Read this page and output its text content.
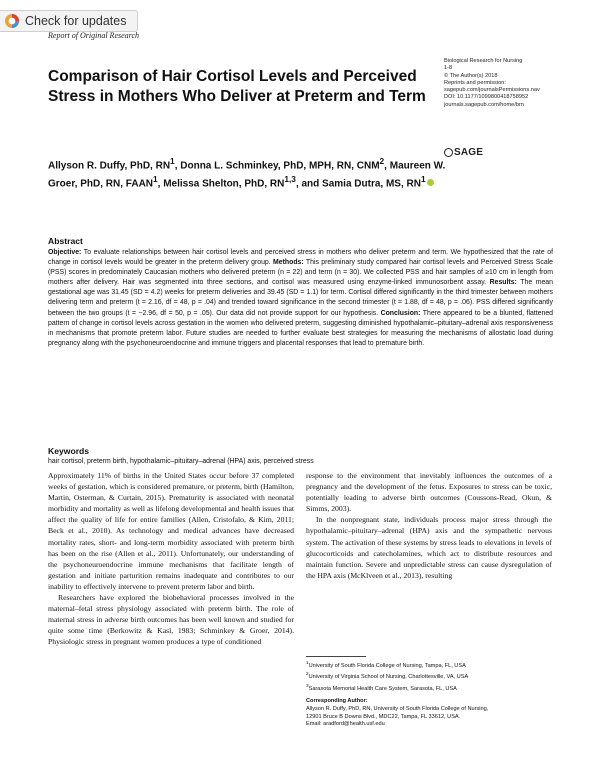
Check for updates
Report of Original Research
Biological Research for Nursing
1-8
© The Author(s) 2018
Reprints and permission:
sagepub.com/journalsPermissions.nav
DOI: 10.1177/1099800418758952
journals.sagepub.com/home/brn
SAGE
Comparison of Hair Cortisol Levels and Perceived Stress in Mothers Who Deliver at Preterm and Term
Allyson R. Duffy, PhD, $RN^1$, Donna L. Schminkey, PhD, MPH, RN, CNM$^2$, Maureen W. Groer, PhD, RN, FAAN$^1$, Melissa Shelton, PhD, RN$^{1,3}$, and Samia Dutra, MS, $RN^1$
Abstract

Objective: To evaluate relationships between hair cortisol levels and perceived stress in mothers who deliver preterm and term. We hypothesized that the rate of change in cortisol levels would be greater in the preterm delivery group. Methods: This preliminary study compared hair cortisol levels and Perceived Stress Scale (PSS) scores in predominately Caucasian mothers who delivered preterm (n = 22) and term (n = 30). We collected PSS and hair samples of ≥10 cm in length from mothers after delivery. Hair was segmented into three sections, and cortisol was measured using enzyme-linked immunosorbent assay. Results: The mean gestational age was 31.45 (SD = 4.2) weeks for preterm deliveries and 39.45 (SD = 1.1) for term. Cortisol differed significantly in the third trimester between mothers delivering term and preterm (t = 2.16, df = 48, p = .04) and trended toward significance in the second trimester (t = 1.88, df = 48, p = .06). PSS differed significantly between the two groups (t = −2.96, df = 50, p = .05). Our data did not provide support for our hypothesis. Conclusion: There appeared to be a blunted, flattened pattern of change in cortisol levels across gestation in the women who delivered preterm, suggesting diminished hypothalamic–pituitary–adrenal axis responsiveness in mechanisms that promote preterm labor. Future studies are needed to further evaluate best strategies for measuring the mechanisms of allostatic load during pregnancy along with the psychoneuroendocrine and immune triggers and placental responses that lead to premature birth.

Keywords
hair cortisol, preterm birth, hypothalamic–pituitary–adrenal (HPA) axis, perceived stress

Approximately 11% of births in the United States occur before 37 completed weeks of gestation, which is considered premature, or preterm, birth (Hamilton, Martin, Osterman, & Curtain, 2015). Prematurity is associated with neonatal morbidity and mortality as well as lifelong developmental and health issues that affect the quality of life for entire families (Allen, Cristofalo, & Kim, 2011; Beck et al., 2010). As technology and medical advances have decreased mortality rates, short- and long-term morbidity associated with preterm birth has been on the rise (Allen et al., 2011). Unfortunately, our understanding of the psychoneuroendocrine immune mechanisms that facilitate length of gestation and initiate parturition remains inadequate and contributes to our inability to effectively intervene to prevent preterm labor and birth.

Researchers have explored the biobehavioral processes involved in the maternal–fetal stress physiology associated with preterm birth. The role of maternal stress in adverse birth outcomes has been well known and studied for quite some time (Berkowitz & Kasl, 1983; Schminkey & Groer, 2014). Physiologic stress in pregnant women produces a type of conditioned

response to the environment that inevitably influences the outcomes of a pregnancy and the development of the fetus. Exposures to stress can be toxic, potentially leading to adverse birth outcomes (Coussons-Read, Okun, & Simms, 2003).

In the nonpregnant state, individuals process major stress through the hypothalamic–pituitary–adrenal (HPA) axis and the sympathetic nervous system. The activation of these systems by stress leads to elevations in levels of glucocorticoids and catecholamines, which act to distribute resources and maintain function. Severe and unpredictable stress can cause dysregulation of the HPA axis (McKlveen et al., 2013), resulting

$^1$University of South Florida College of Nursing, Tampa, FL, USA
$^2$University of Virginia School of Nursing, Charlottesville, VA, USA
$^3$Sarasota Memorial Health Care System, Sarasota, FL, USA
Corresponding Author:
Allyson R. Duffy, PhD, RN, University of South Florida College of Nursing,
12901 Bruce B Downs Blvd., MDC22, Tampa, FL 33612, USA.
Email: aradford@health.usf.edu
